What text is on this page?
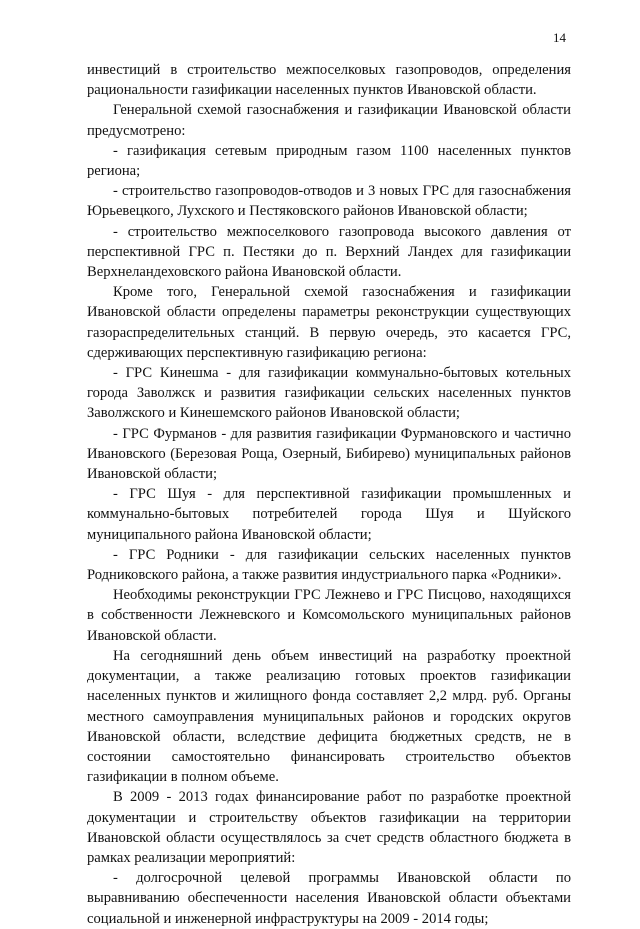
14

инвестиций в строительство межпоселковых газопроводов, определения рациональности газификации населенных пунктов Ивановской области.

Генеральной схемой газоснабжения и газификации Ивановской области предусмотрено:

- газификация сетевым природным газом 1100 населенных пунктов региона;

- строительство газопроводов-отводов и 3 новых ГРС для газоснабжения Юрьевецкого, Лухского и Пестяковского районов Ивановской области;

- строительство межпоселкового газопровода высокого давления от перспективной ГРС п. Пестяки до п. Верхний Ландех для газификации Верхнеландеховского района Ивановской области.

Кроме того, Генеральной схемой газоснабжения и газификации Ивановской области определены параметры реконструкции существующих газораспределительных станций. В первую очередь, это касается ГРС, сдерживающих перспективную газификацию региона:

- ГРС Кинешма - для газификации коммунально-бытовых котельных города Заволжск и развития газификации сельских населенных пунктов Заволжского и Кинешемского районов Ивановской области;

- ГРС Фурманов - для развития газификации Фурмановского и частично Ивановского (Березовая Роща, Озерный, Бибирево) муниципальных районов Ивановской области;

- ГРС Шуя - для перспективной газификации промышленных и коммунально-бытовых потребителей города Шуя и Шуйского муниципального района Ивановской области;

- ГРС Родники - для газификации сельских населенных пунктов Родниковского района, а также развития индустриального парка «Родники».

Необходимы реконструкции ГРС Лежнево и ГРС Писцово, находящихся в собственности Лежневского и Комсомольского муниципальных районов Ивановской области.

На сегодняшний день объем инвестиций на разработку проектной документации, а также реализацию готовых проектов газификации населенных пунктов и жилищного фонда составляет 2,2 млрд. руб. Органы местного самоуправления муниципальных районов и городских округов Ивановской области, вследствие дефицита бюджетных средств, не в состоянии самостоятельно финансировать строительство объектов газификации в полном объеме.

В 2009 - 2013 годах финансирование работ по разработке проектной документации и строительству объектов газификации на территории Ивановской области осуществлялось за счет средств областного бюджета в рамках реализации мероприятий:

- долгосрочной целевой программы Ивановской области по выравниванию обеспеченности населения Ивановской области объектами социальной и инженерной инфраструктуры на 2009 - 2014 годы;
